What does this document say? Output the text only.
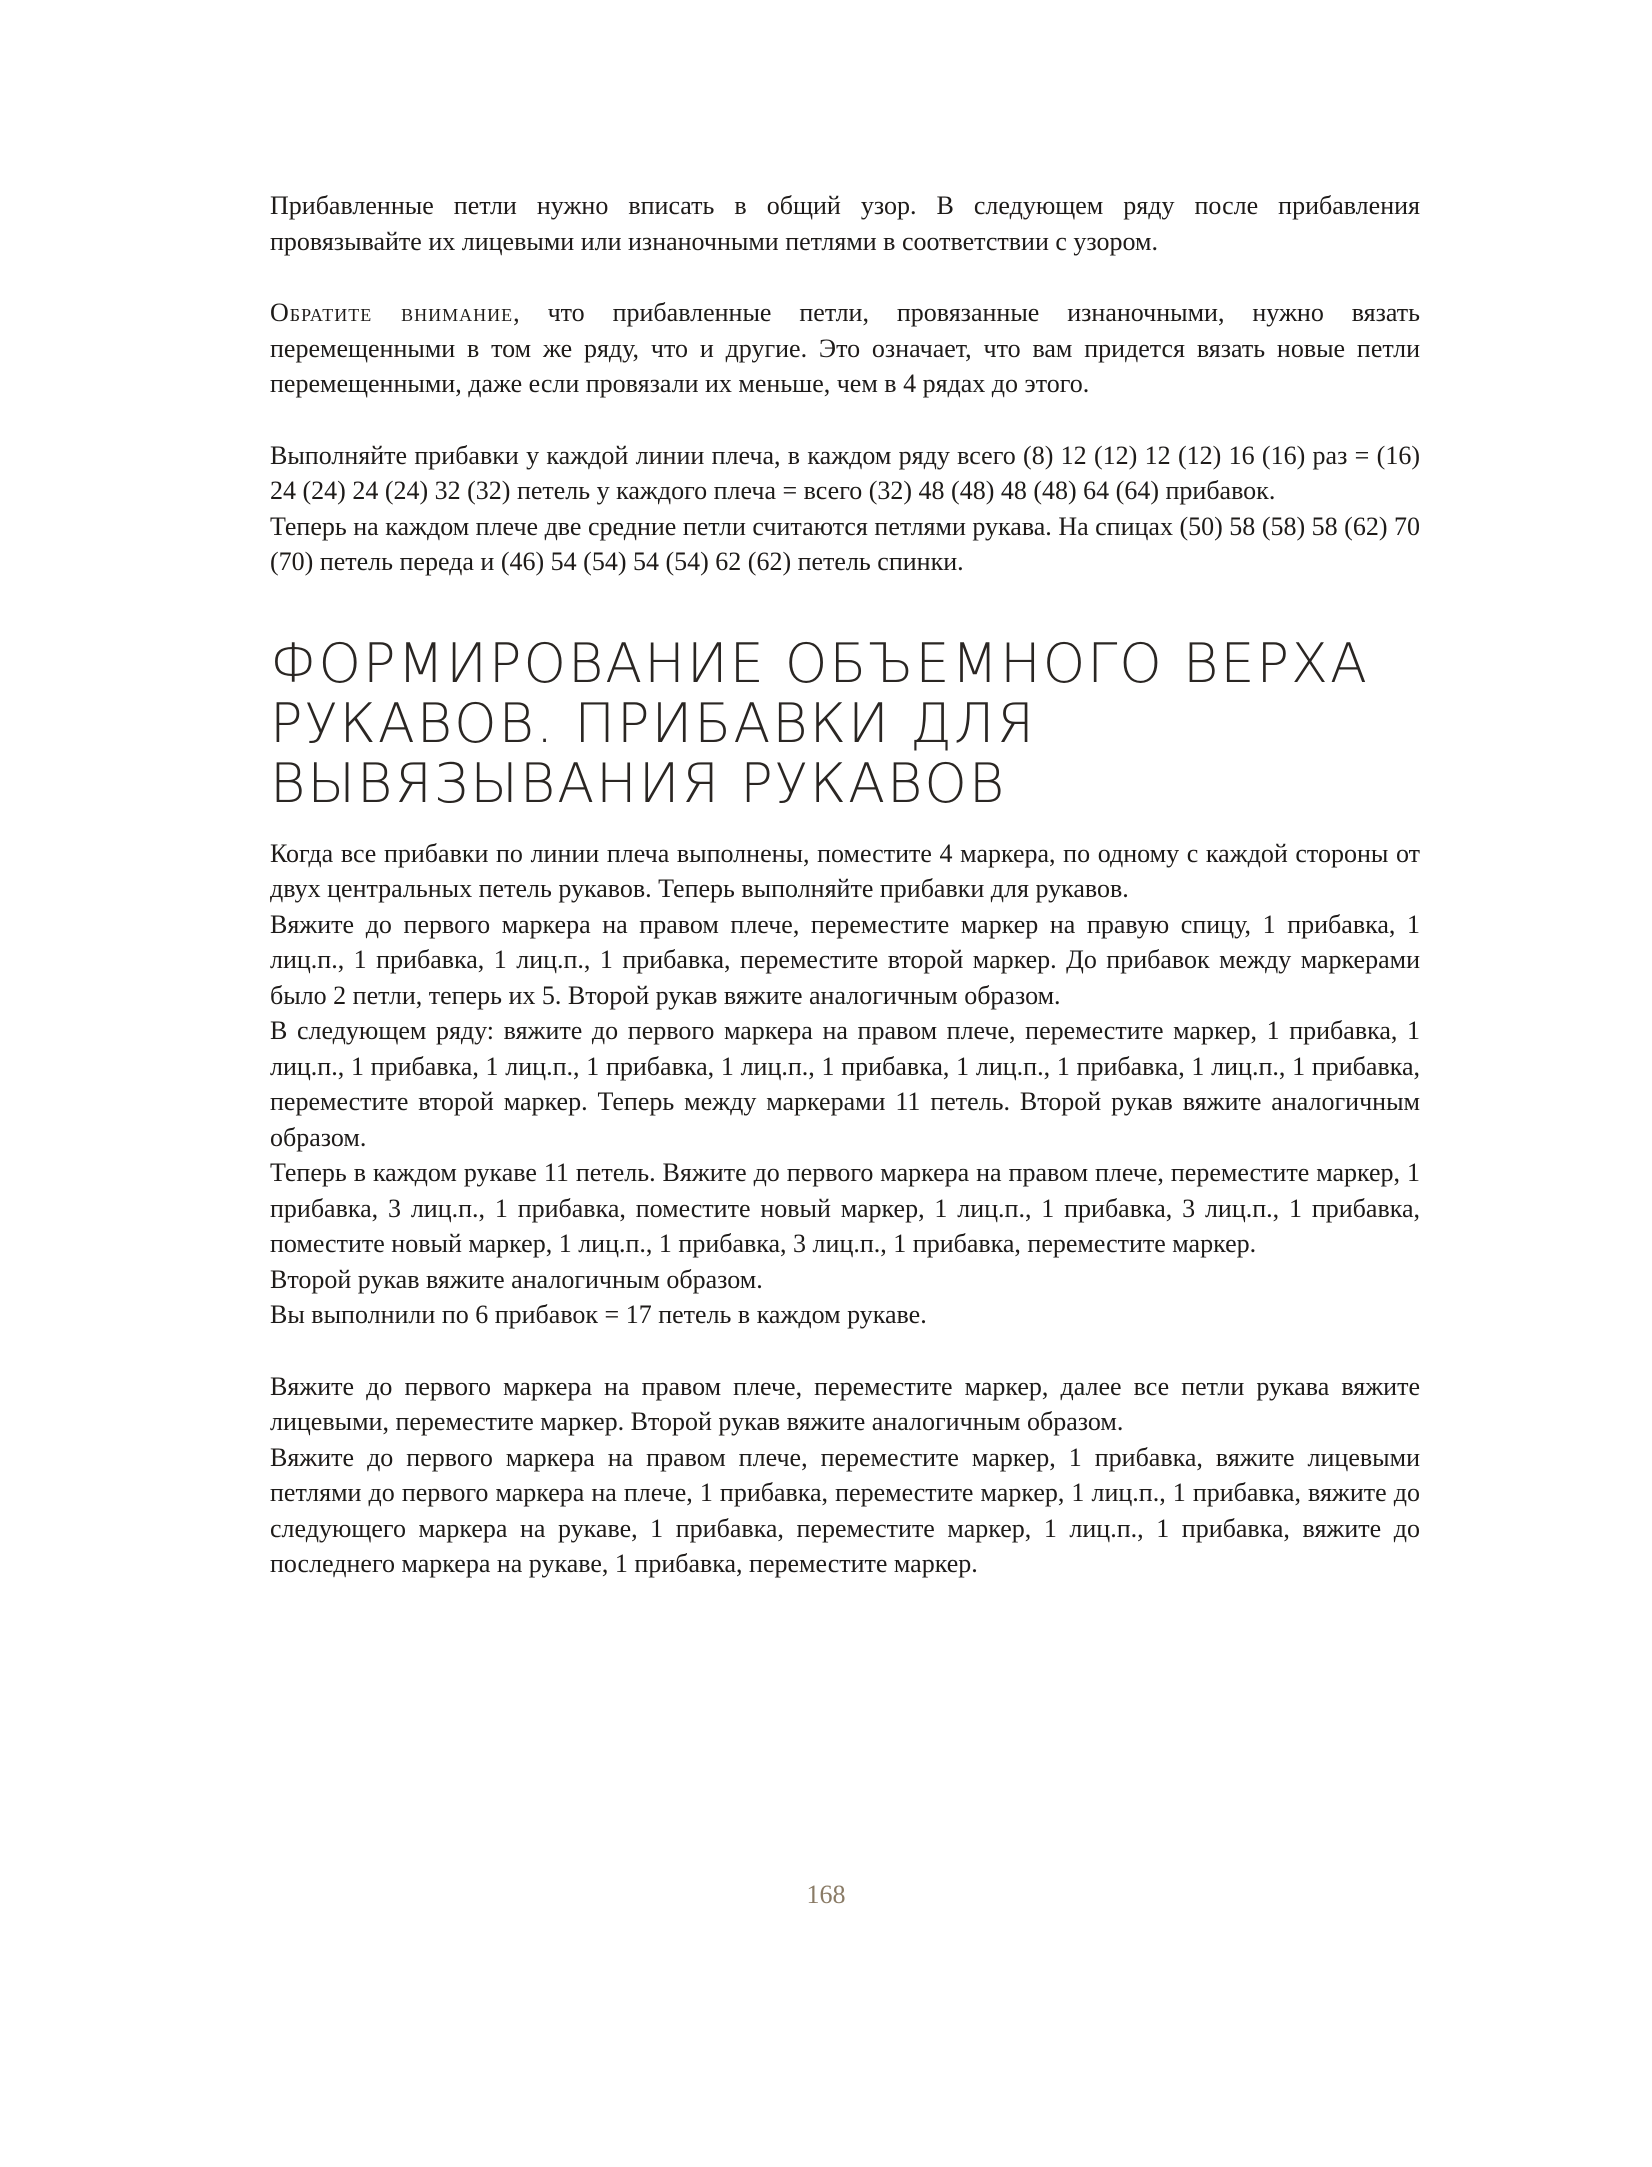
Прибавленные петли нужно вписать в общий узор. В следующем ряду после прибавления провязывайте их лицевыми или изнаночными петлями в соответствии с узором.

Обратите внимание, что прибавленные петли, провязанные изнаночными, нужно вязать перемещенными в том же ряду, что и другие. Это означает, что вам придется вязать новые петли перемещенными, даже если провязали их меньше, чем в 4 рядах до этого.

Выполняйте прибавки у каждой линии плеча, в каждом ряду всего (8) 12 (12) 12 (12) 16 (16) раз = (16) 24 (24) 24 (24) 32 (32) петель у каждого плеча = всего (32) 48 (48) 48 (48) 64 (64) прибавок.

Теперь на каждом плече две средние петли считаются петлями рукава. На спицах (50) 58 (58) 58 (62) 70 (70) петель переда и (46) 54 (54) 54 (54) 62 (62) петель спинки.

ФОРМИРОВАНИЕ ОБЪЕМНОГО ВЕРХА РУКАВОВ. ПРИБАВКИ ДЛЯ ВЫВЯЗЫВАНИЯ РУКАВОВ

Когда все прибавки по линии плеча выполнены, поместите 4 маркера, по одному с каждой стороны от двух центральных петель рукавов. Теперь выполняйте прибавки для рукавов.

Вяжите до первого маркера на правом плече, переместите маркер на правую спицу, 1 прибавка, 1 лиц.п., 1 прибавка, 1 лиц.п., 1 прибавка, переместите второй маркер. До прибавок между маркерами было 2 петли, теперь их 5. Второй рукав вяжите аналогичным образом.

В следующем ряду: вяжите до первого маркера на правом плече, переместите маркер, 1 прибавка, 1 лиц.п., 1 прибавка, 1 лиц.п., 1 прибавка, 1 лиц.п., 1 прибавка, 1 лиц.п., 1 прибавка, 1 лиц.п., 1 прибавка, переместите второй маркер. Теперь между маркерами 11 петель. Второй рукав вяжите аналогичным образом.

Теперь в каждом рукаве 11 петель. Вяжите до первого маркера на правом плече, переместите маркер, 1 прибавка, 3 лиц.п., 1 прибавка, поместите новый маркер, 1 лиц.п., 1 прибавка, 3 лиц.п., 1 прибавка, поместите новый маркер, 1 лиц.п., 1 прибавка, 3 лиц.п., 1 прибавка, переместите маркер.

Второй рукав вяжите аналогичным образом.

Вы выполнили по 6 прибавок = 17 петель в каждом рукаве.

Вяжите до первого маркера на правом плече, переместите маркер, далее все петли рукава вяжите лицевыми, переместите маркер. Второй рукав вяжите аналогичным образом.

Вяжите до первого маркера на правом плече, переместите маркер, 1 прибавка, вяжите лицевыми петлями до первого маркера на плече, 1 прибавка, переместите маркер, 1 лиц.п., 1 прибавка, вяжите до следующего маркера на рукаве, 1 прибавка, переместите маркер, 1 лиц.п., 1 прибавка, вяжите до последнего маркера на рукаве, 1 прибавка, переместите маркер.

168
